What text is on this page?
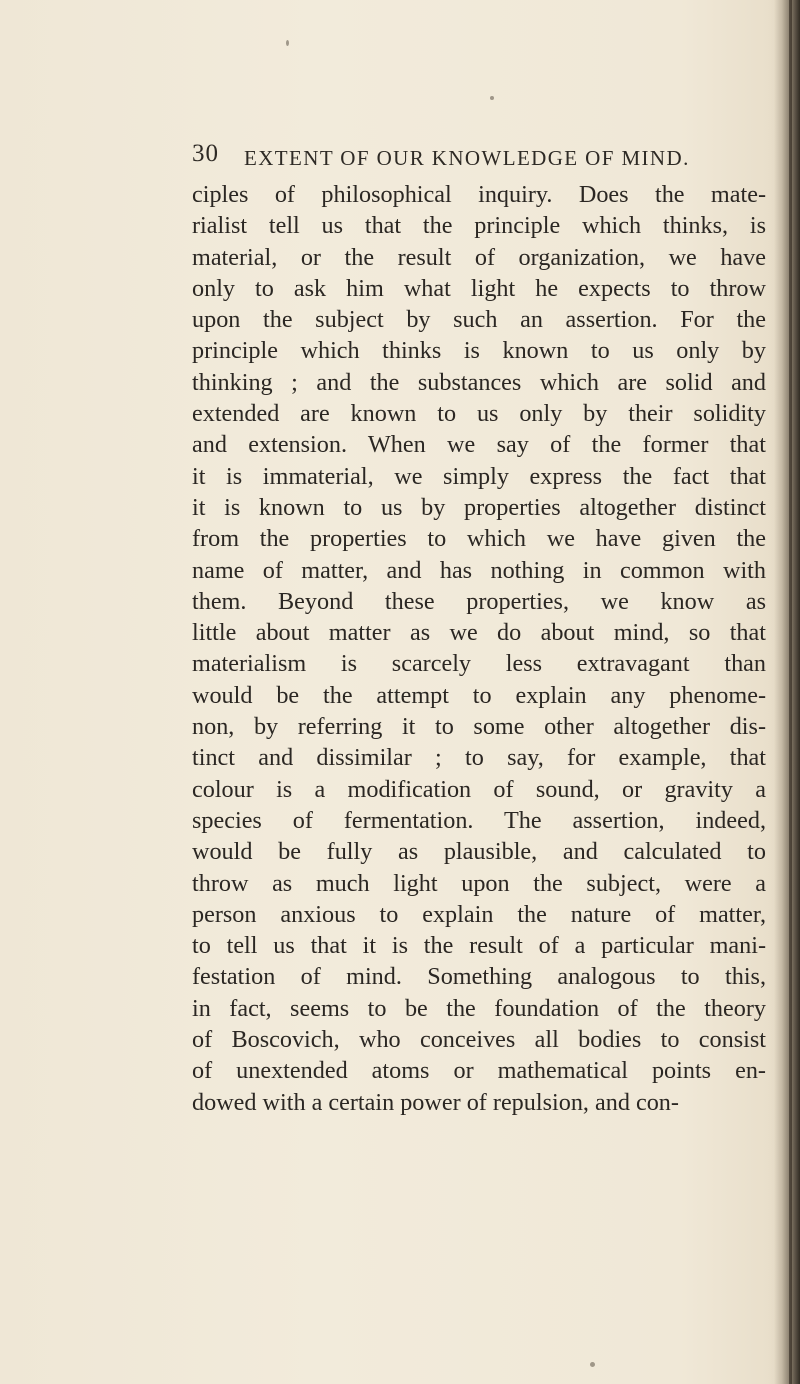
30 EXTENT OF OUR KNOWLEDGE OF MIND.
ciples of philosophical inquiry. Does the mate-
rialist tell us that the principle which thinks, is
material, or the result of organization, we have
only to ask him what light he expects to throw
upon the subject by such an assertion. For the
principle which thinks is known to us only by
thinking ; and the substances which are solid and
extended are known to us only by their solidity
and extension. When we say of the former that
it is immaterial, we simply express the fact that
it is known to us by properties altogether distinct
from the properties to which we have given the
name of matter, and has nothing in common with
them. Beyond these properties, we know as
little about matter as we do about mind, so that
materialism is scarcely less extravagant than
would be the attempt to explain any phenome-
non, by referring it to some other altogether dis-
tinct and dissimilar ; to say, for example, that
colour is a modification of sound, or gravity a
species of fermentation. The assertion, indeed,
would be fully as plausible, and calculated to
throw as much light upon the subject, were a
person anxious to explain the nature of matter,
to tell us that it is the result of a particular mani-
festation of mind. Something analogous to this,
in fact, seems to be the foundation of the theory
of Boscovich, who conceives all bodies to consist
of unextended atoms or mathematical points en-
dowed with a certain power of repulsion, and con-
